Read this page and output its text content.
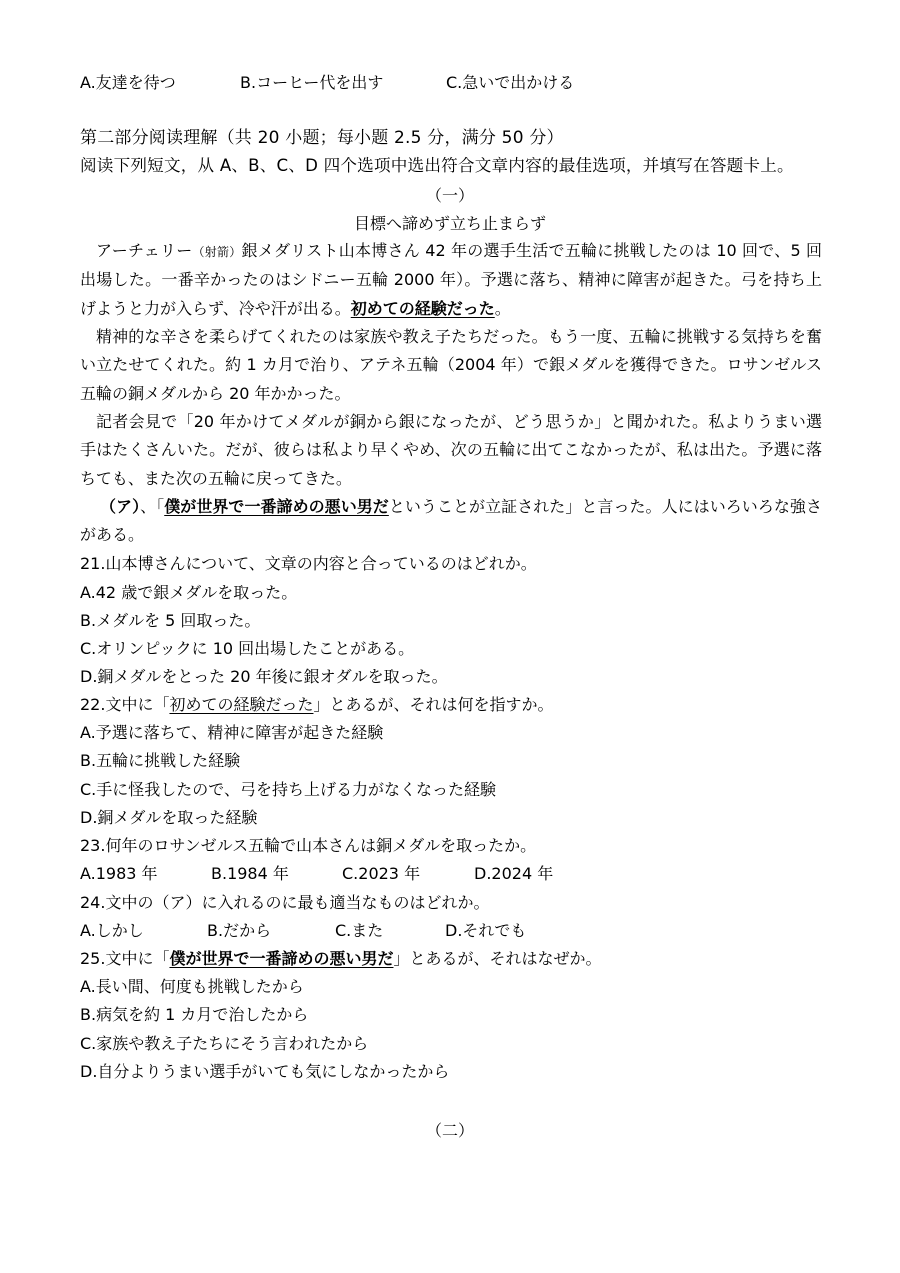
A.友達を待つ	B.コーヒー代を出す	C.急いで出かける
第二部分阅读理解（共 20 小题；每小题 2.5 分，满分 50 分）
阅读下列短文，从 A、B、C、D 四个选项中选出符合文章内容的最佳选项，并填写在答题卡上。
（一）
目標へ諦めず立ち止まらず
アーチェリー（射箭）銀メダリスト山本博さん 42 年の選手生活で五輪に挑戦したのは 10 回で、5 回出場した。一番辛かったのはシドニー五輪 2000 年）。予選に落ち、精神に障害が起きた。弓を持ち上げようと力が入らず、冷や汗が出る。初めての経験だった。
精神的な辛さを柔らげてくれたのは家族や教え子たちだった。もう一度、五輪に挑戦する気持ちを奮い立たせてくれた。約 1 カ月で治り、アテネ五輪（2004 年）で銀メダルを獲得できた。ロサンゼルス五輪の銅メダルから 20 年かかった。
記者会見で「20 年かけてメダルが銅から銀になったが、どう思うか」と聞かれた。私よりうまい選手はたくさんいた。だが、彼らは私より早くやめ、次の五輪に出てこなかったが、私は出た。予選に落ちても、また次の五輪に戻ってきた。
（ア）、「僕が世界で一番諦めの悪い男だということが立証された」と言った。人にはいろいろな強さがある。
21.山本博さんについて、文章の内容と合っているのはどれか。
A.42 歳で銀メダルを取った。
B.メダルを 5 回取った。
C.オリンピックに 10 回出場したことがある。
D.銅メダルをとった 20 年後に銀オダルを取った。
22.文中に「初めての経験だった」とあるが、それは何を指すか。
A.予選に落ちて、精神に障害が起きた経験
B.五輪に挑戦した経験
C.手に怪我したので、弓を持ち上げる力がなくなった経験
D.銅メダルを取った経験
23.何年のロサンゼルス五輪で山本さんは銅メダルを取ったか。
A.1983 年	B.1984 年	C.2023 年	D.2024 年
24.文中の（ア）に入れるのに最も適当なものはどれか。
A.しかし	B.だから	C.また	D.それでも
25.文中に「僕が世界で一番諦めの悪い男だ」とあるが、それはなぜか。
A.長い間、何度も挑戦したから
B.病気を約 1 カ月で治したから
C.家族や教え子たちにそう言われたから
D.自分よりうまい選手がいても気にしなかったから
（二）
